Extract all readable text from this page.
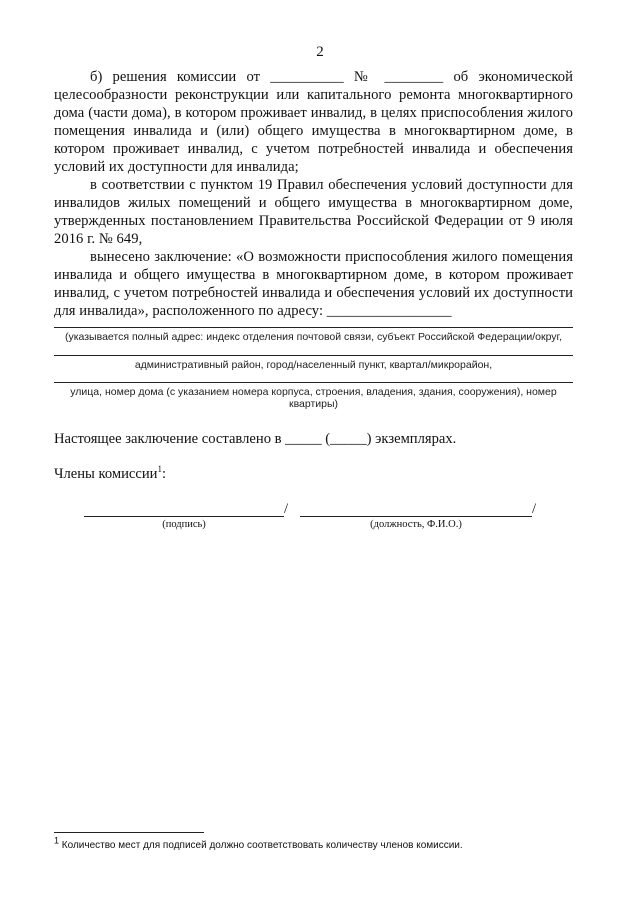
2
б) решения комиссии от __________ № ________ об экономической целесообразности реконструкции или капитального ремонта многоквартирного дома (части дома), в котором проживает инвалид, в целях приспособления жилого помещения инвалида и (или) общего имущества в многоквартирном доме, в котором проживает инвалид, с учетом потребностей инвалида и обеспечения условий их доступности для инвалида;
в соответствии с пунктом 19 Правил обеспечения условий доступности для инвалидов жилых помещений и общего имущества в многоквартирном доме, утвержденных постановлением Правительства Российской Федерации от 9 июля 2016 г. № 649,
вынесено заключение: «О возможности приспособления жилого помещения инвалида и общего имущества в многоквартирном доме, в котором проживает инвалид, с учетом потребностей инвалида и обеспечения условий их доступности для инвалида», расположенного по адресу: _________________
(указывается полный адрес: индекс отделения почтовой связи, субъект Российской Федерации/округ,
административный район, город/населенный пункт, квартал/микрорайон,
улица, номер дома (с указанием номера корпуса, строения, владения, здания, сооружения), номер квартиры)
Настоящее заключение составлено в _____ (_____) экземплярах.
Члены комиссии$^1$:
/	/
(подпись)	(должность, Ф.И.О.)
$^1$ Количество мест для подписей должно соответствовать количеству членов комиссии.
